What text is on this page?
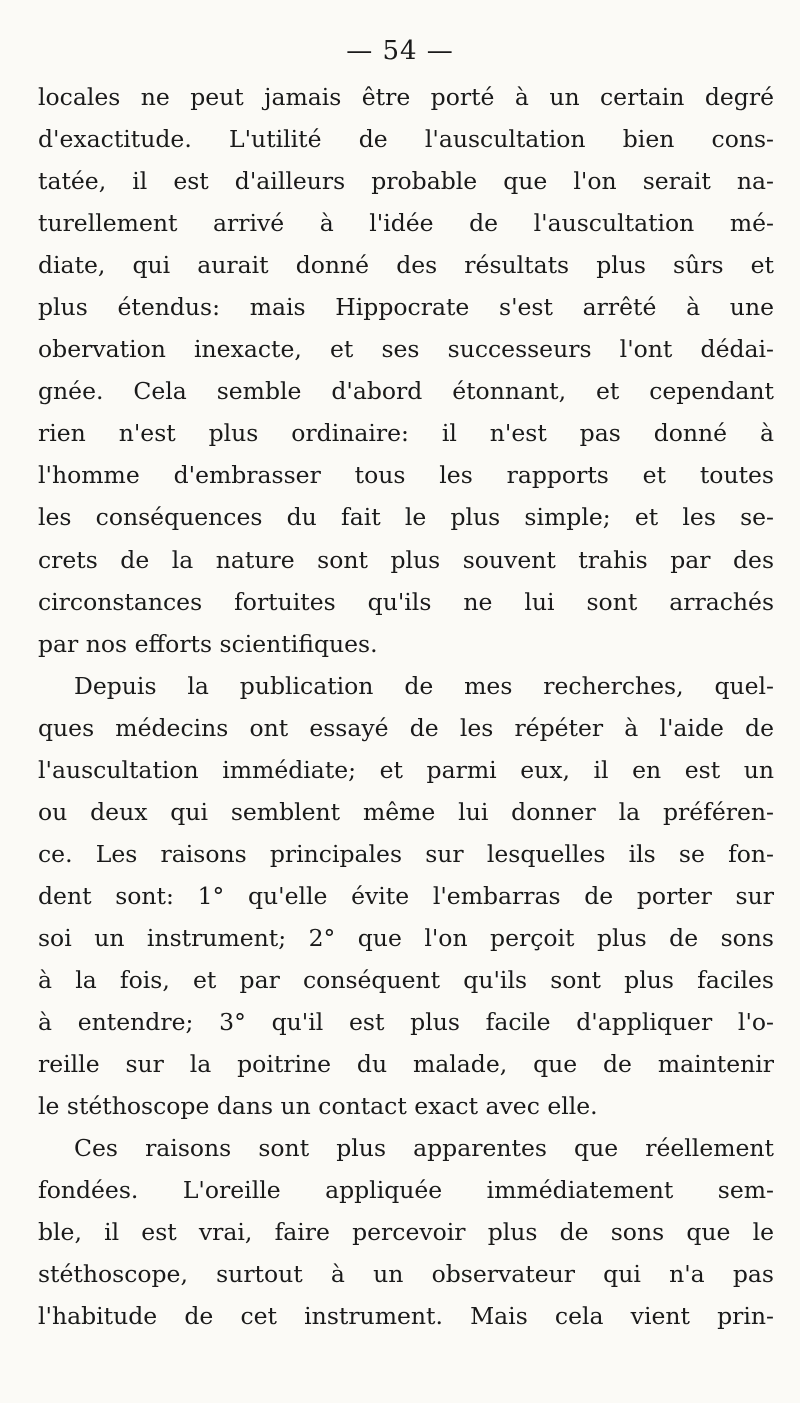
— 54 —
locales ne peut jamais être porté à un certain degré
d'exactitude. L'utilité de l'auscultation bien cons-
tatée, il est d'ailleurs probable que l'on serait na-
turellement arrivé à l'idée de l'auscultation mé-
diate, qui aurait donné des résultats plus sûrs et
plus étendus: mais Hippocrate s'est arrêté à une
obervation inexacte, et ses successeurs l'ont dédai-
gnée. Cela semble d'abord étonnant, et cependant
rien n'est plus ordinaire: il n'est pas donné à
l'homme d'embrasser tous les rapports et toutes
les conséquences du fait le plus simple; et les se-
crets de la nature sont plus souvent trahis par des
circonstances fortuites qu'ils ne lui sont arrachés
par nos efforts scientifiques.
Depuis la publication de mes recherches, quel-
ques médecins ont essayé de les répéter à l'aide de
l'auscultation immédiate; et parmi eux, il en est un
ou deux qui semblent même lui donner la préféren-
ce. Les raisons principales sur lesquelles ils se fon-
dent sont: 1° qu'elle évite l'embarras de porter sur
soi un instrument; 2° que l'on perçoit plus de sons
à la fois, et par conséquent qu'ils sont plus faciles
à entendre; 3° qu'il est plus facile d'appliquer l'o-
reille sur la poitrine du malade, que de maintenir
le stéthoscope dans un contact exact avec elle.
Ces raisons sont plus apparentes que réellement
fondées. L'oreille appliquée immédiatement sem-
ble, il est vrai, faire percevoir plus de sons que le
stéthoscope, surtout à un observateur qui n'a pas
l'habitude de cet instrument. Mais cela vient prin-
